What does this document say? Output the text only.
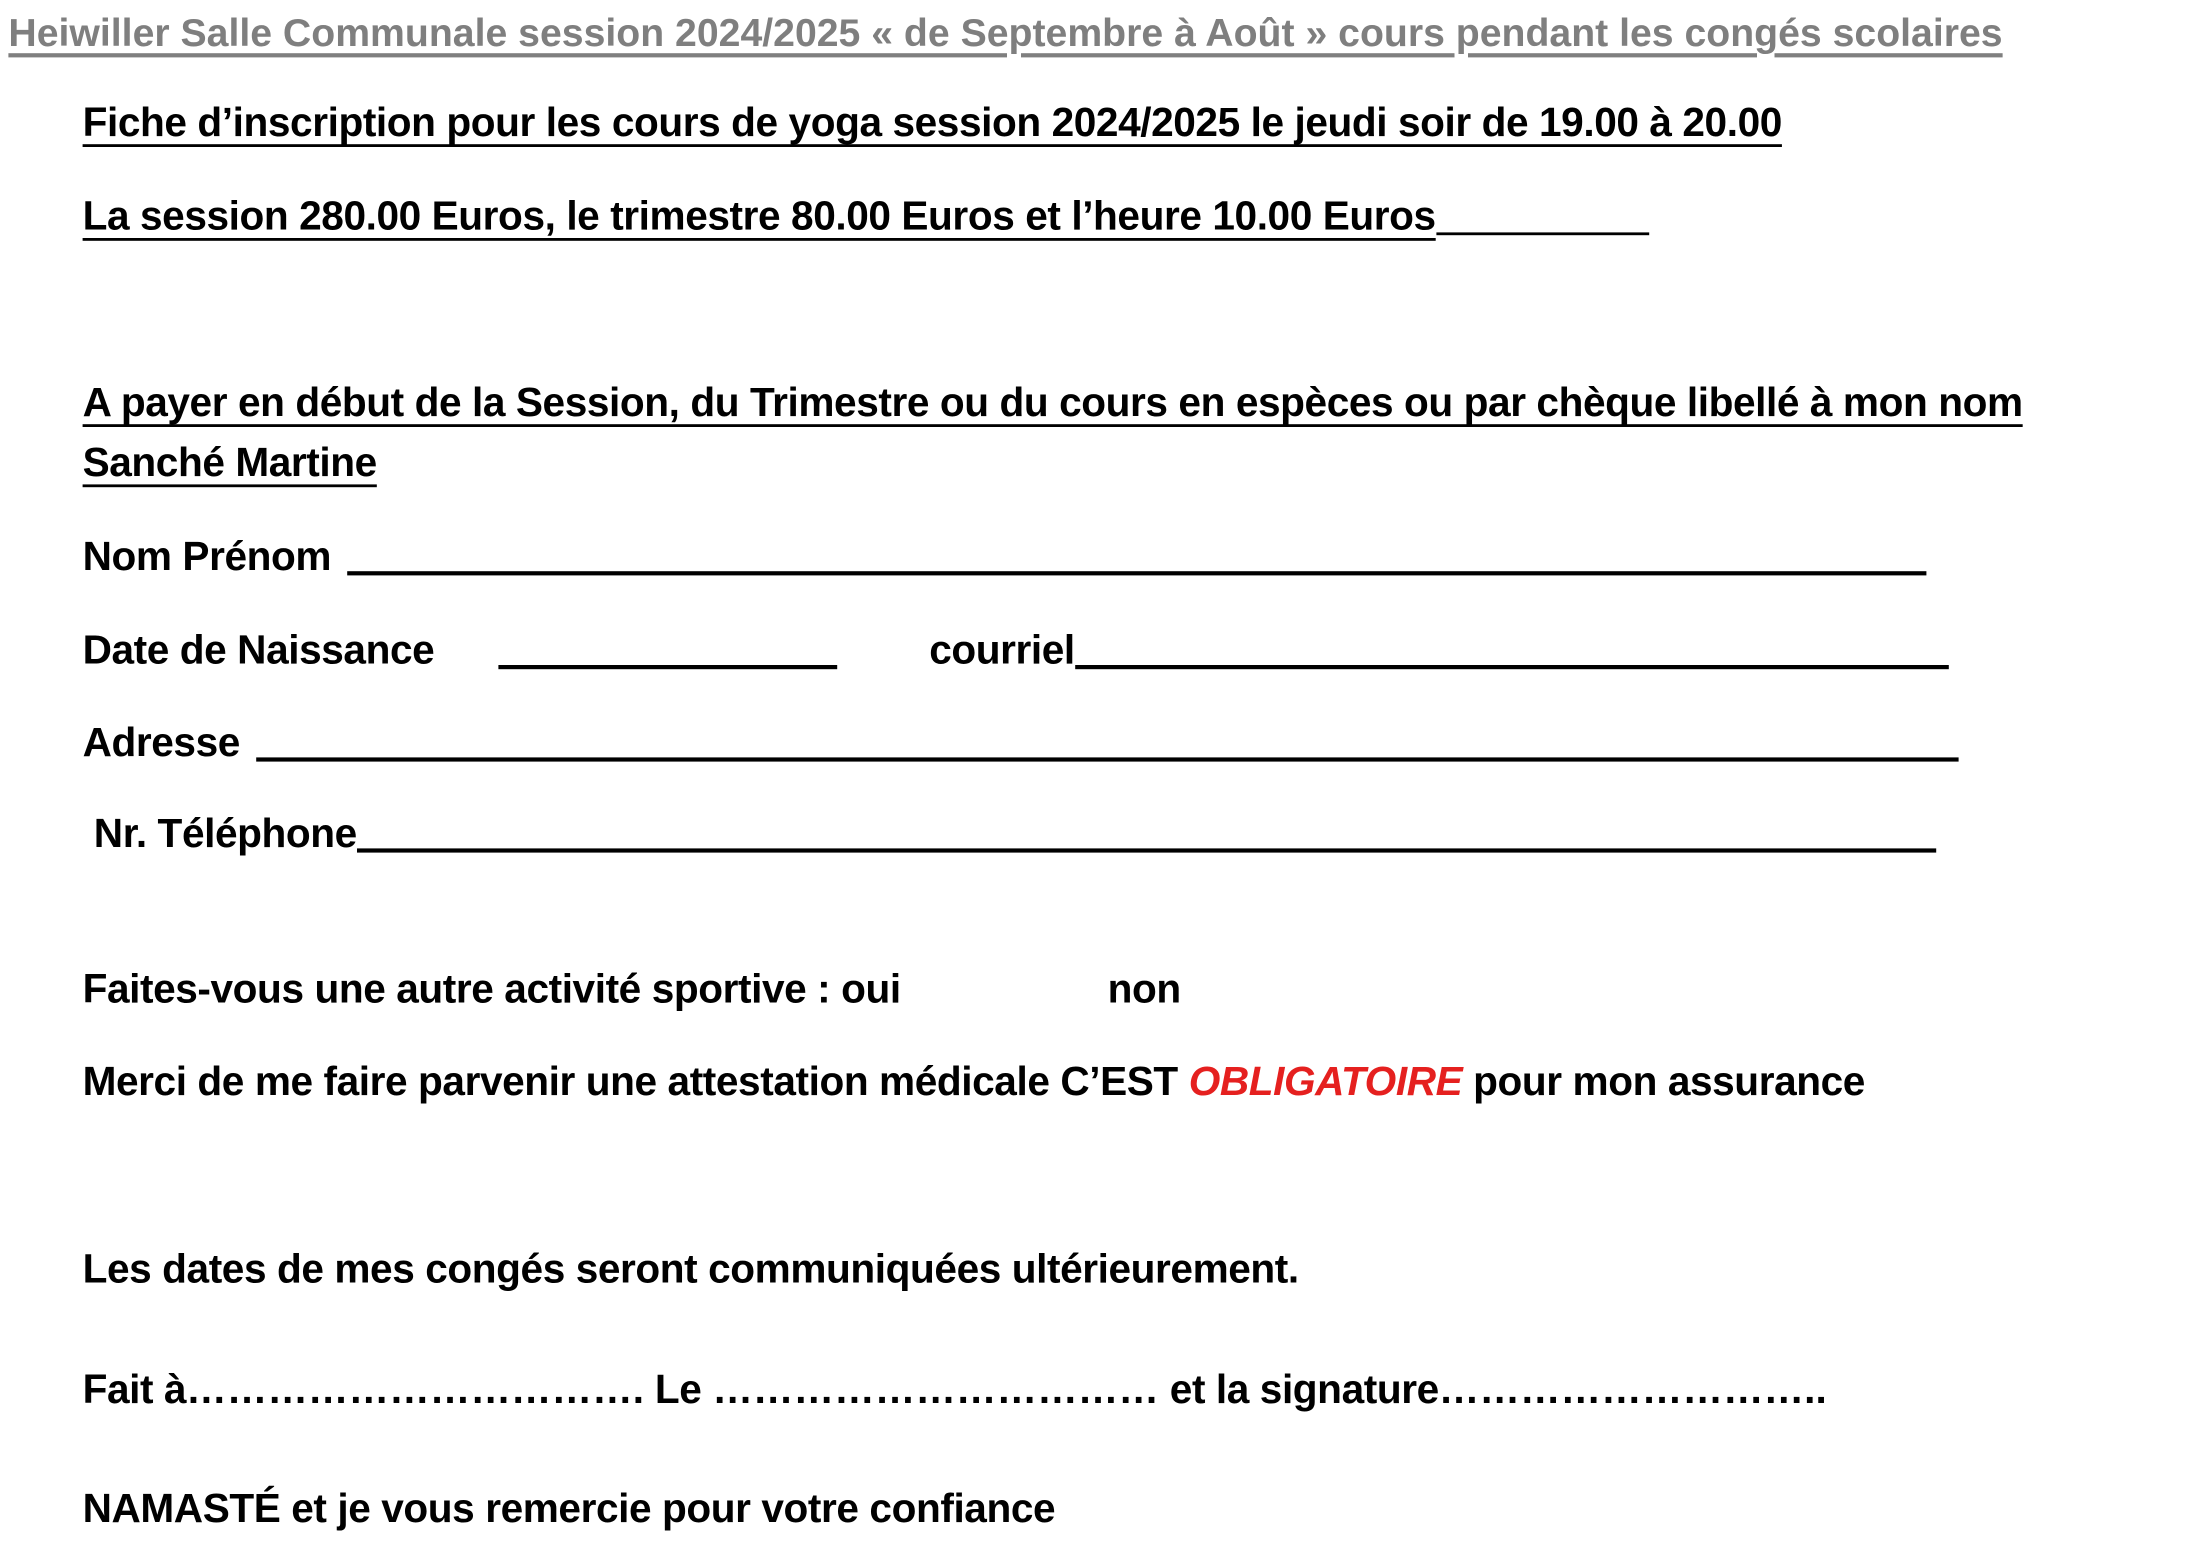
Heiwiller Salle Communale session 2024/2025 « de Septembre à Août » cours pendant les congés scolaires
Fiche d’inscription pour les cours de yoga session 2024/2025 le jeudi soir de 19.00 à 20.00
La session 280.00 Euros, le trimestre 80.00 Euros et l’heure 10.00 Euros
A payer en début de la Session, du Trimestre ou du cours en espèces ou par chèque libellé à mon nom
Sanché Martine
Nom Prénom
Date de Naissance	courriel
Adresse
Nr. Téléphone
Faites-vous une autre activité sportive : oui	non
Merci de me faire parvenir une attestation médicale C’EST OBLIGATOIRE pour mon assurance
Les dates de mes congés seront communiquées ultérieurement.
Fait à……………………………. Le …………………………… et la signature………………………..
NAMASTÉ et je vous remercie pour votre confiance
